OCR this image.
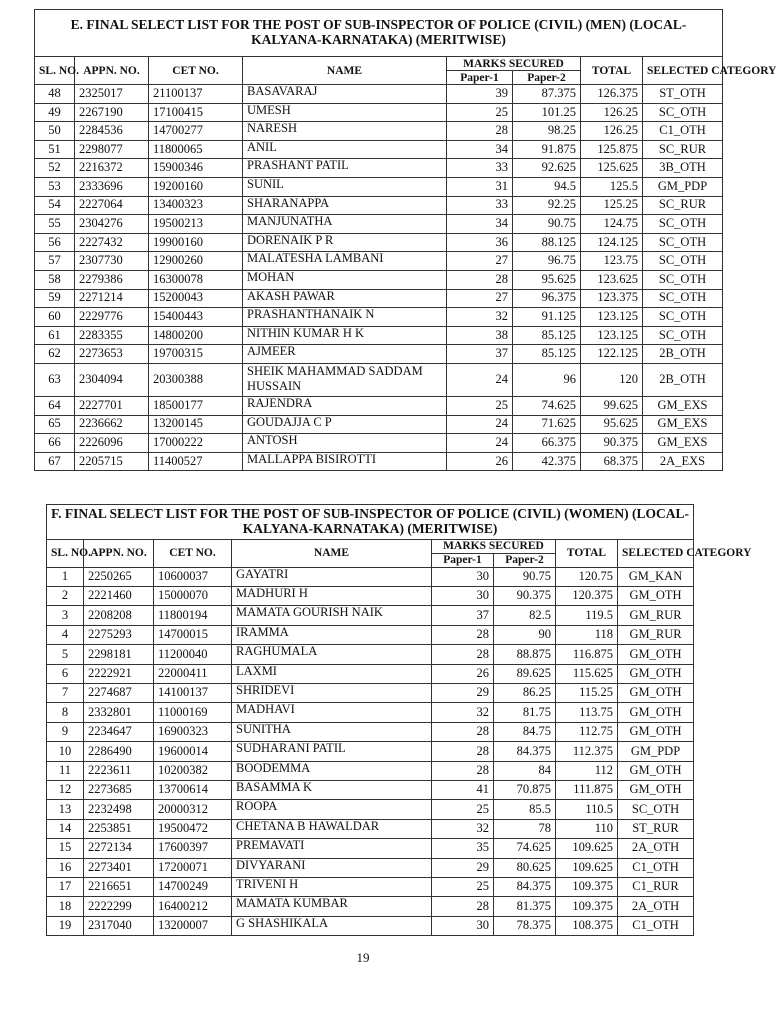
E. FINAL SELECT LIST FOR THE POST OF SUB-INSPECTOR OF POLICE (CIVIL) (MEN) (LOCAL-KALYANA-KARNATAKA) (MERITWISE)							
SL. NO.	APPN. NO.	CET NO.	NAME	MARKS SECURED		TOTAL	SELECTED CATEGORY
				Paper-1	Paper-2		
48	2325017	21100137	BASAVARAJ	39	87.375	126.375	ST_OTH
49	2267190	17100415	UMESH	25	101.25	126.25	SC_OTH
50	2284536	14700277	NARESH	28	98.25	126.25	C1_OTH
51	2298077	11800065	ANIL	34	91.875	125.875	SC_RUR
52	2216372	15900346	PRASHANT PATIL	33	92.625	125.625	3B_OTH
53	2333696	19200160	SUNIL	31	94.5	125.5	GM_PDP
54	2227064	13400323	SHARANAPPA	33	92.25	125.25	SC_RUR
55	2304276	19500213	MANJUNATHA	34	90.75	124.75	SC_OTH
56	2227432	19900160	DORENAIK P R	36	88.125	124.125	SC_OTH
57	2307730	12900260	MALATESHA LAMBANI	27	96.75	123.75	SC_OTH
58	2279386	16300078	MOHAN	28	95.625	123.625	SC_OTH
59	2271214	15200043	AKASH PAWAR	27	96.375	123.375	SC_OTH
60	2229776	15400443	PRASHANTHANAIK N	32	91.125	123.125	SC_OTH
61	2283355	14800200	NITHIN KUMAR H K	38	85.125	123.125	SC_OTH
62	2273653	19700315	AJMEER	37	85.125	122.125	2B_OTH
63	2304094	20300388	SHEIK MAHAMMAD SADDAM HUSSAIN	24	96	120	2B_OTH
64	2227701	18500177	RAJENDRA	25	74.625	99.625	GM_EXS
65	2236662	13200145	GOUDAJJA C P	24	71.625	95.625	GM_EXS
66	2226096	17000222	ANTOSH	24	66.375	90.375	GM_EXS
67	2205715	11400527	MALLAPPA BISIROTTI	26	42.375	68.375	2A_EXS
F. FINAL SELECT LIST FOR THE POST OF SUB-INSPECTOR OF POLICE (CIVIL) (WOMEN) (LOCAL-KALYANA-KARNATAKA) (MERITWISE)							
SL. NO.	APPN. NO.	CET NO.	NAME	MARKS SECURED		TOTAL	SELECTED CATEGORY
				Paper-1	Paper-2		
1	2250265	10600037	GAYATRI	30	90.75	120.75	GM_KAN
2	2221460	15000070	MADHURI H	30	90.375	120.375	GM_OTH
3	2208208	11800194	MAMATA GOURISH NAIK	37	82.5	119.5	GM_RUR
4	2275293	14700015	IRAMMA	28	90	118	GM_RUR
5	2298181	11200040	RAGHUMALA	28	88.875	116.875	GM_OTH
6	2222921	22000411	LAXMI	26	89.625	115.625	GM_OTH
7	2274687	14100137	SHRIDEVI	29	86.25	115.25	GM_OTH
8	2332801	11000169	MADHAVI	32	81.75	113.75	GM_OTH
9	2234647	16900323	SUNITHA	28	84.75	112.75	GM_OTH
10	2286490	19600014	SUDHARANI PATIL	28	84.375	112.375	GM_PDP
11	2223611	10200382	BOODEMMA	28	84	112	GM_OTH
12	2273685	13700614	BASAMMA K	41	70.875	111.875	GM_OTH
13	2232498	20000312	ROOPA	25	85.5	110.5	SC_OTH
14	2253851	19500472	CHETANA B HAWALDAR	32	78	110	ST_RUR
15	2272134	17600397	PREMAVATI	35	74.625	109.625	2A_OTH
16	2273401	17200071	DIVYARANI	29	80.625	109.625	C1_OTH
17	2216651	14700249	TRIVENI H	25	84.375	109.375	C1_RUR
18	2222299	16400212	MAMATA KUMBAR	28	81.375	109.375	2A_OTH
19	2317040	13200007	G SHASHIKALA	30	78.375	108.375	C1_OTH
19
